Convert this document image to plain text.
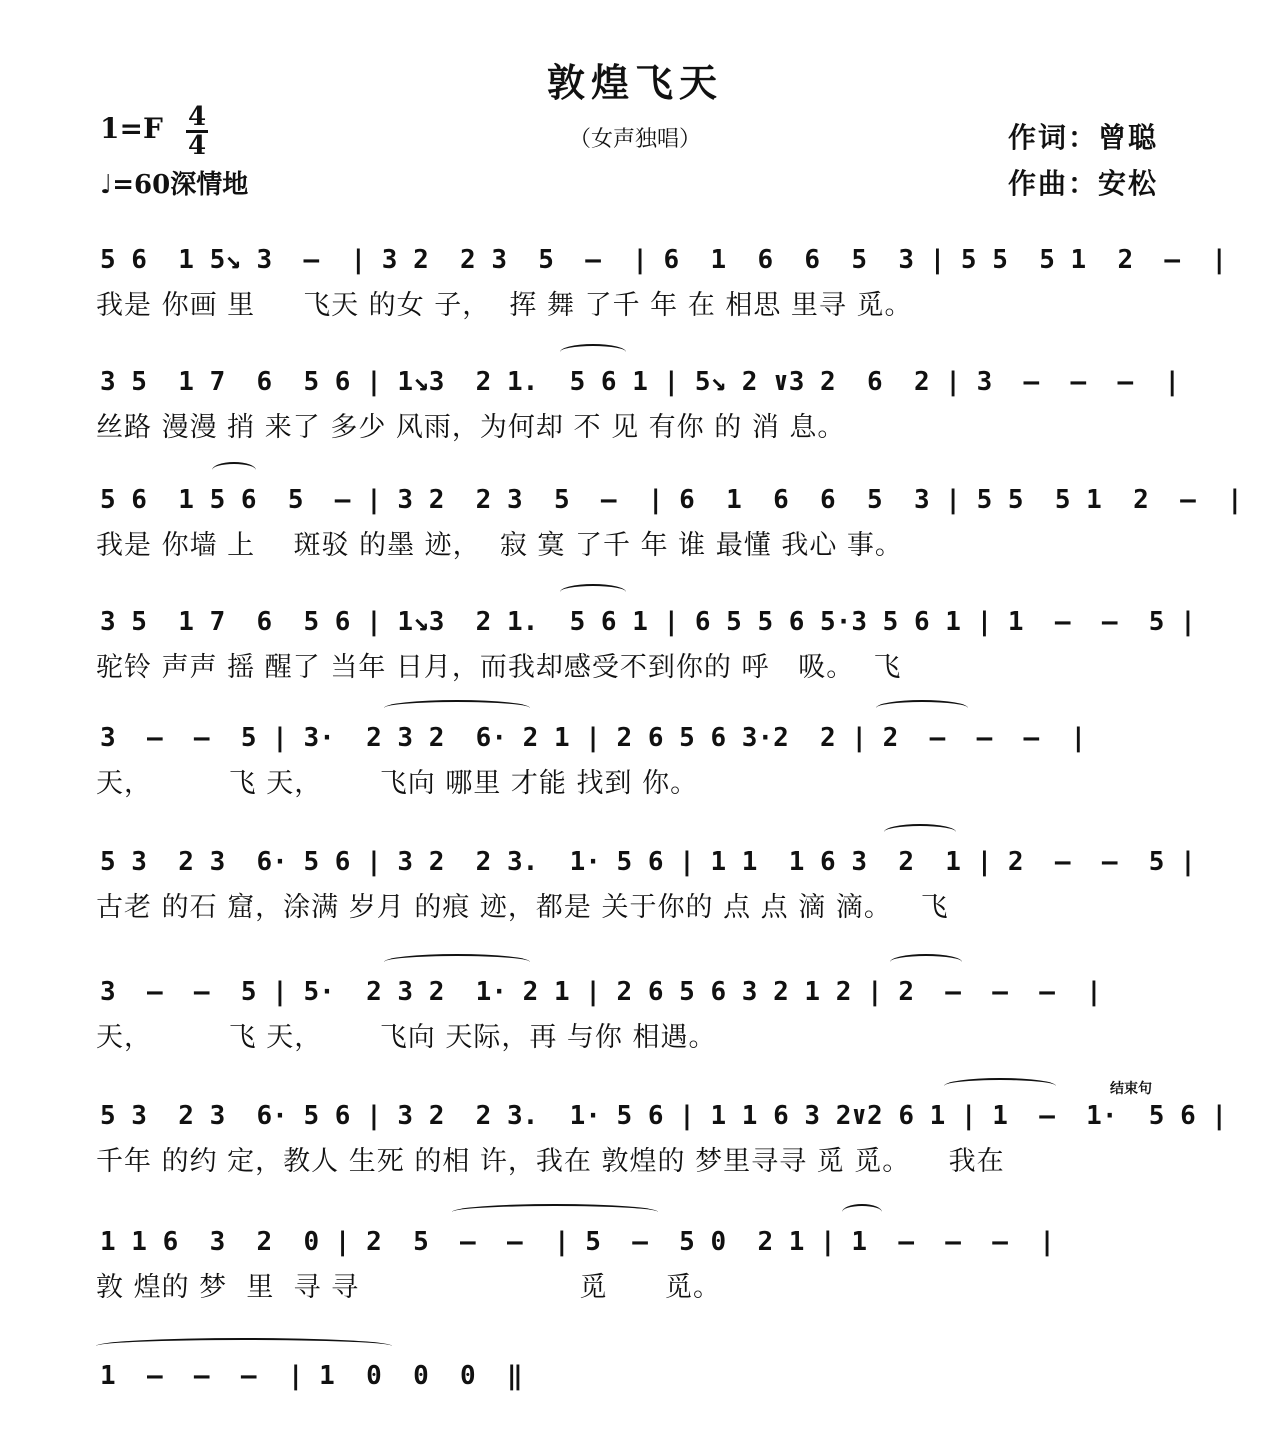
敦煌飞天
1=F 4
4
♩=60深情地
（女声独唱）	作词：曾聪
作曲：安松
5 6  1 5↘ 3  –  | 3 2  2 3  5  –  | 6  1  6  6  5  3 | 5 5  5 1  2  –  |
我是 你画 里     飞天 的女 子，  挥 舞 了千 年 在 相思 里寻 觅。
3 5  1 7  6  5 6 | 1↘3  2 1.  5 6 1 | 5↘ 2 ∨3 2  6  2 | 3  –  –  –  |
丝路 漫漫 捎 来了 多少 风雨，为何却 不 见 有你 的 消 息。
5 6  1 5 6  5  – | 3 2  2 3  5  –  | 6  1  6  6  5  3 | 5 5  5 1  2  –  |
我是 你墙 上    斑驳 的墨 迹，  寂 寞 了千 年 谁 最懂 我心 事。
3 5  1 7  6  5 6 | 1↘3  2 1.  5 6 1 | 6 5 5 6 5·3 5 6 1 | 1  –  –  5 |
驼铃 声声 摇 醒了 当年 日月，而我却感受不到你的 呼   吸。  飞
3  –  –  5 | 3·  2 3 2  6· 2 1 | 2 6 5 6 3·2  2 | 2  –  –  –  |
天，        飞 天，      飞向 哪里 才能 找到 你。
5 3  2 3  6· 5 6 | 3 2  2 3.  1· 5 6 | 1 1  1 6 3  2  1 | 2  –  –  5 |
古老 的石 窟，涂满 岁月 的痕 迹，都是 关于你的 点 点 滴 滴。   飞
3  –  –  5 | 5·  2 3 2  1· 2 1 | 2 6 5 6 3 2 1 2 | 2  –  –  –  |
天，        飞 天，      飞向 天际，再 与你 相遇。
结束句
5 3  2 3  6· 5 6 | 3 2  2 3.  1· 5 6 | 1 1 6 3 2∨2 6 1 | 1  –  1·  5 6 |
千年 的约 定，教人 生死 的相 许，我在 敦煌的 梦里寻寻 觅 觅。    我在
1 1 6  3  2  0 | 2  5  –  –  | 5  –  5 0  2 1 | 1  –  –  –  |
敦 煌的 梦  里  寻 寻                       觅      觅。
1  –  –  –  | 1  0  0  0  ‖
